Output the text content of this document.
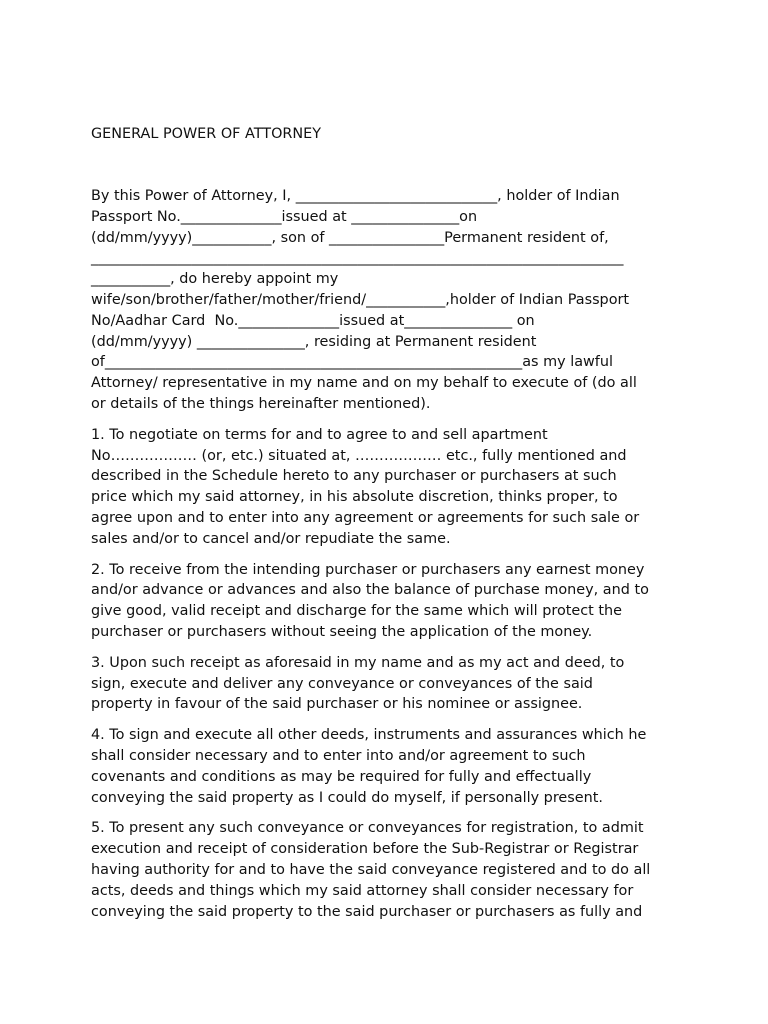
GENERAL POWER OF ATTORNEY

By this Power of Attorney, I, ____________________________, holder of Indian
Passport No.______________issued at _______________on
(dd/mm/yyyy)___________, son of ________________Permanent resident of,
__________________________________________________________________________
___________, do hereby appoint my
wife/son/brother/father/mother/friend/___________,holder of Indian Passport
No/Aadhar Card  No.______________issued at_______________ on
(dd/mm/yyyy) _______________, residing at Permanent resident
of__________________________________________________________as my lawful
Attorney/ representative in my name and on my behalf to execute of (do all
or details of the things hereinafter mentioned).

1. To negotiate on terms for and to agree to and sell apartment
No……………… (or, etc.) situated at, ……………… etc., fully mentioned and
described in the Schedule hereto to any purchaser or purchasers at such
price which my said attorney, in his absolute discretion, thinks proper, to
agree upon and to enter into any agreement or agreements for such sale or
sales and/or to cancel and/or repudiate the same.

2. To receive from the intending purchaser or purchasers any earnest money
and/or advance or advances and also the balance of purchase money, and to
give good, valid receipt and discharge for the same which will protect the
purchaser or purchasers without seeing the application of the money.

3. Upon such receipt as aforesaid in my name and as my act and deed, to
sign, execute and deliver any conveyance or conveyances of the said
property in favour of the said purchaser or his nominee or assignee.

4. To sign and execute all other deeds, instruments and assurances which he
shall consider necessary and to enter into and/or agreement to such
covenants and conditions as may be required for fully and effectually
conveying the said property as I could do myself, if personally present.

5. To present any such conveyance or conveyances for registration, to admit
execution and receipt of consideration before the Sub-Registrar or Registrar
having authority for and to have the said conveyance registered and to do all
acts, deeds and things which my said attorney shall consider necessary for
conveying the said property to the said purchaser or purchasers as fully and
